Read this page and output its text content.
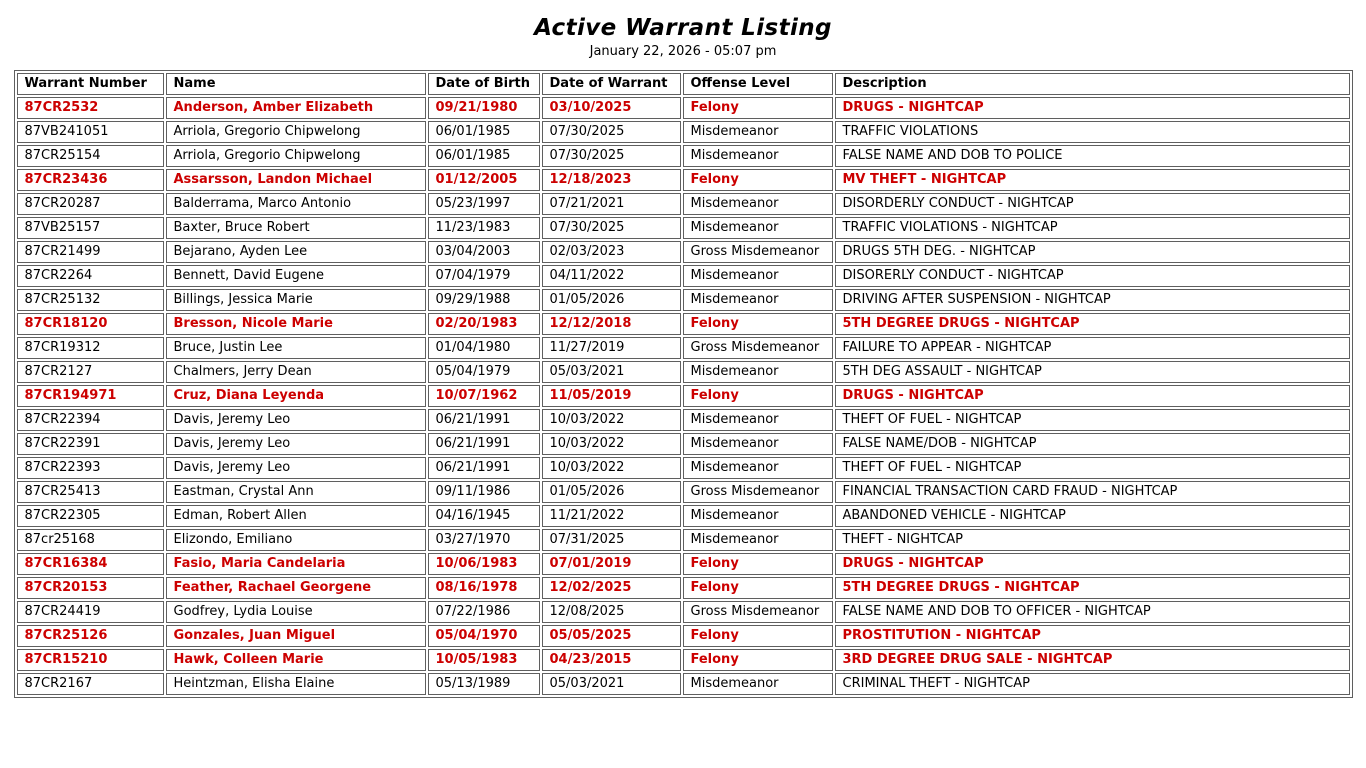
Active Warrant Listing
January 22, 2026 - 05:07 pm
Warrant Number	Name	Date of Birth	Date of Warrant	Offense Level	Description
87CR2532	Anderson, Amber Elizabeth	09/21/1980	03/10/2025	Felony	DRUGS - NIGHTCAP
87VB241051	Arriola, Gregorio Chipwelong	06/01/1985	07/30/2025	Misdemeanor	TRAFFIC VIOLATIONS
87CR25154	Arriola, Gregorio Chipwelong	06/01/1985	07/30/2025	Misdemeanor	FALSE NAME AND DOB TO POLICE
87CR23436	Assarsson, Landon Michael	01/12/2005	12/18/2023	Felony	MV THEFT - NIGHTCAP
87CR20287	Balderrama, Marco Antonio	05/23/1997	07/21/2021	Misdemeanor	DISORDERLY CONDUCT - NIGHTCAP
87VB25157	Baxter, Bruce Robert	11/23/1983	07/30/2025	Misdemeanor	TRAFFIC VIOLATIONS - NIGHTCAP
87CR21499	Bejarano, Ayden Lee	03/04/2003	02/03/2023	Gross Misdemeanor	DRUGS 5TH DEG. - NIGHTCAP
87CR2264	Bennett, David Eugene	07/04/1979	04/11/2022	Misdemeanor	DISORERLY CONDUCT - NIGHTCAP
87CR25132	Billings, Jessica Marie	09/29/1988	01/05/2026	Misdemeanor	DRIVING AFTER SUSPENSION - NIGHTCAP
87CR18120	Bresson, Nicole Marie	02/20/1983	12/12/2018	Felony	5TH DEGREE DRUGS - NIGHTCAP
87CR19312	Bruce, Justin Lee	01/04/1980	11/27/2019	Gross Misdemeanor	FAILURE TO APPEAR - NIGHTCAP
87CR2127	Chalmers, Jerry Dean	05/04/1979	05/03/2021	Misdemeanor	5TH DEG ASSAULT - NIGHTCAP
87CR194971	Cruz, Diana Leyenda	10/07/1962	11/05/2019	Felony	DRUGS - NIGHTCAP
87CR22394	Davis, Jeremy Leo	06/21/1991	10/03/2022	Misdemeanor	THEFT OF FUEL - NIGHTCAP
87CR22391	Davis, Jeremy Leo	06/21/1991	10/03/2022	Misdemeanor	FALSE NAME/DOB - NIGHTCAP
87CR22393	Davis, Jeremy Leo	06/21/1991	10/03/2022	Misdemeanor	THEFT OF FUEL - NIGHTCAP
87CR25413	Eastman, Crystal Ann	09/11/1986	01/05/2026	Gross Misdemeanor	FINANCIAL TRANSACTION CARD FRAUD - NIGHTCAP
87CR22305	Edman, Robert Allen	04/16/1945	11/21/2022	Misdemeanor	ABANDONED VEHICLE - NIGHTCAP
87cr25168	Elizondo, Emiliano	03/27/1970	07/31/2025	Misdemeanor	THEFT - NIGHTCAP
87CR16384	Fasio, Maria Candelaria	10/06/1983	07/01/2019	Felony	DRUGS - NIGHTCAP
87CR20153	Feather, Rachael Georgene	08/16/1978	12/02/2025	Felony	5TH DEGREE DRUGS - NIGHTCAP
87CR24419	Godfrey, Lydia Louise	07/22/1986	12/08/2025	Gross Misdemeanor	FALSE NAME AND DOB TO OFFICER - NIGHTCAP
87CR25126	Gonzales, Juan Miguel	05/04/1970	05/05/2025	Felony	PROSTITUTION - NIGHTCAP
87CR15210	Hawk, Colleen Marie	10/05/1983	04/23/2015	Felony	3RD DEGREE DRUG SALE - NIGHTCAP
87CR2167	Heintzman, Elisha Elaine	05/13/1989	05/03/2021	Misdemeanor	CRIMINAL THEFT - NIGHTCAP
